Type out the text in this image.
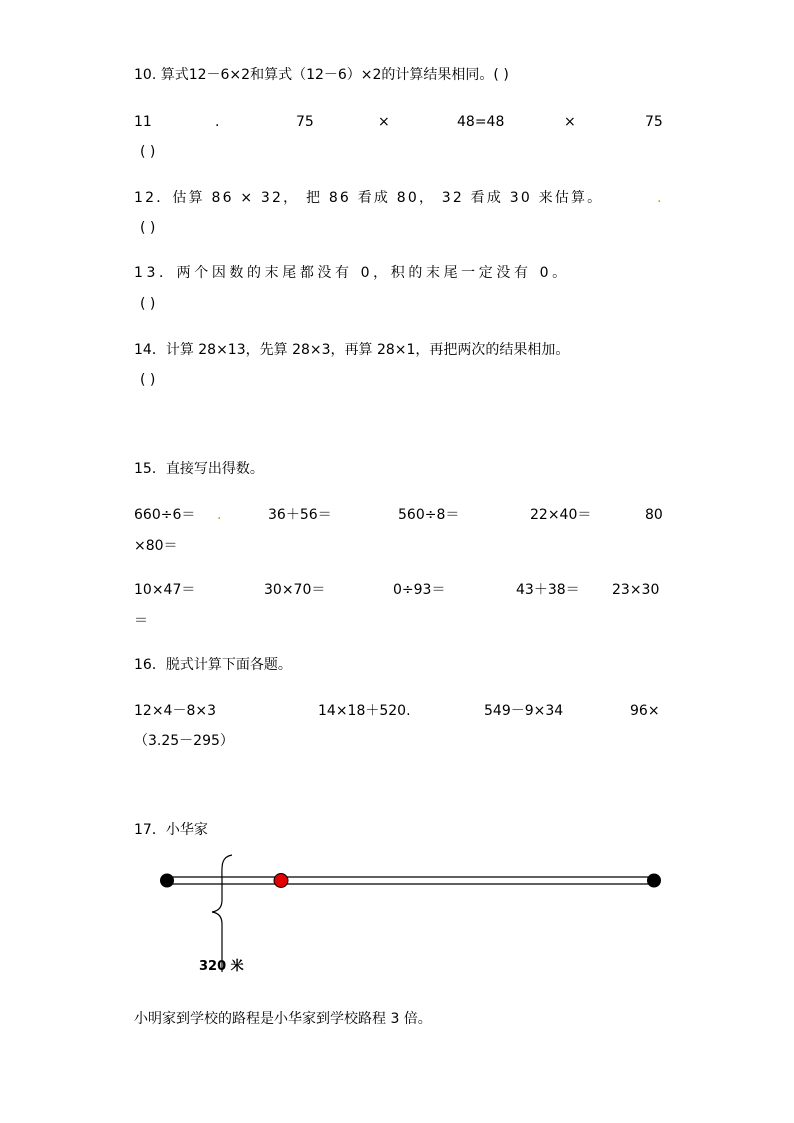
10. 算式12－6×2和算式（12－6）×2的计算结果相同。( )
11	.	75	×	48=48	×	75
( )
12．估算 86 × 32， 把 86 看成 80， 32 看成 30 来估算。	.
( )
13．两个因数的末尾都没有 0，积的末尾一定没有 0。
( )
14．计算 28×13，先算 28×3，再算 28×1，再把两次的结果相加。
( )
15．直接写出得数。
660÷6＝ .	36＋56＝	560÷8＝	22×40＝	80
×80＝
10×47＝	30×70＝	0÷93＝	43＋38＝ 23×30
＝
16．脱式计算下面各题。
12×4－8×3	14×18＋520.	549－9×34	96×
（3.25－295）
17．小华家
320 米
小明家到学校的路程是小华家到学校路程 3 倍。
